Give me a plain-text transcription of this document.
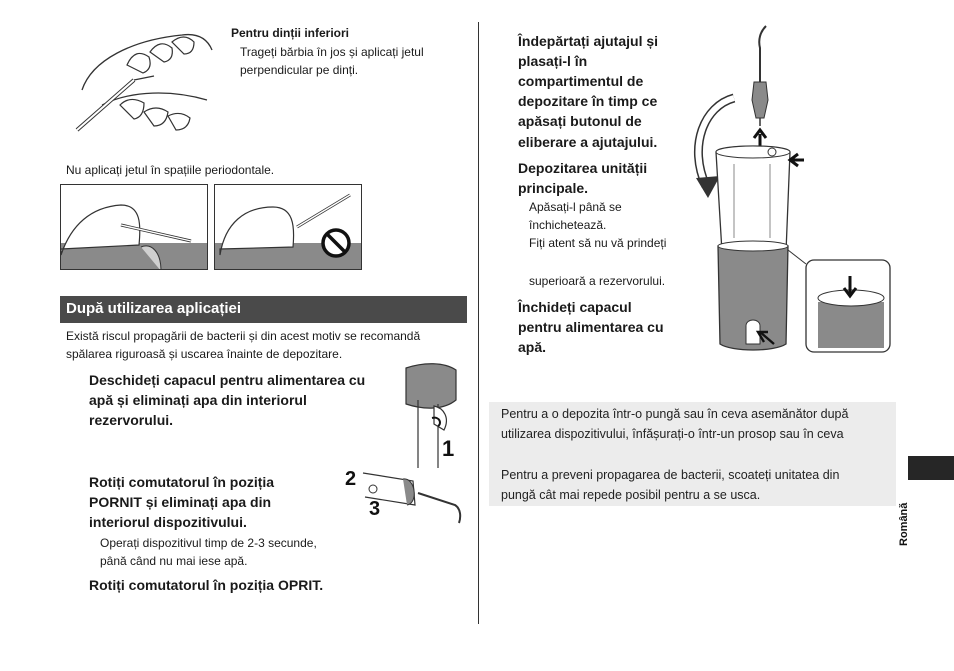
Pentru dinții inferiori
Trageți bărbia în jos și aplicați jetul
perpendicular pe dinți.
Nu aplicați jetul în spațiile periodontale.
După utilizarea aplicației
Există riscul propagării de bacterii și din acest motiv se recomandă
spălarea riguroasă și uscarea înainte de depozitare.
Deschideți capacul pentru alimentarea cu
apă și eliminați apa din interiorul
rezervorului.
1
Rotiți comutatorul în poziția
PORNIT și eliminați apa din
interiorul dispozitivului.
Operați dispozitivul timp de 2-3 secunde,
până când nu mai iese apă.
2
3
Rotiți comutatorul în poziția OPRIT.
Îndepărtați ajutajul și
plasați-l în
compartimentul de
depozitare în timp ce
apăsați butonul de
eliberare a ajutajului.
Depozitarea unității
principale.
Apăsați-l până se
închichetează.
Fiți atent să nu vă prindeți
superioară a rezervorului.
Închideți capacul
pentru alimentarea cu
apă.
Pentru a o depozita într-o pungă sau în ceva asemănător după
utilizarea dispozitivului, înfășurați-o într-un prosop sau în ceva
Pentru a preveni propagarea de bacterii, scoateți unitatea din
pungă cât mai repede posibil pentru a se usca.
Română
